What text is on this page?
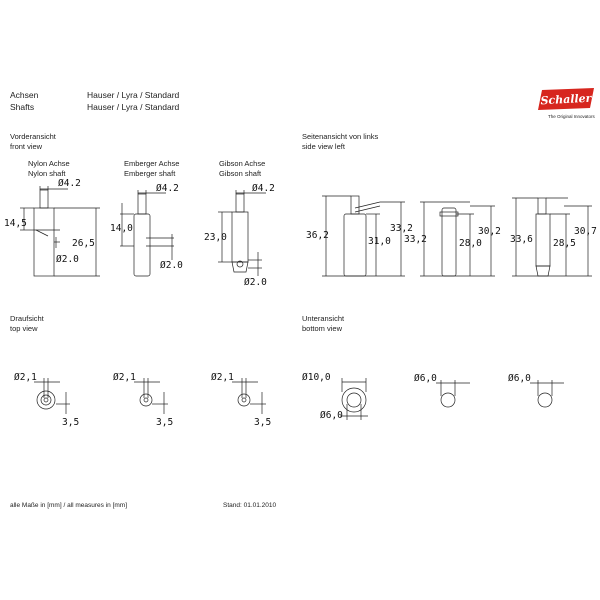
Achsen
Shafts
Hauser / Lyra / Standard
Hauser / Lyra / Standard	Schaller
The Original Innovators
Vorderansicht
front view
Seitenansicht von links
side view left
Draufsicht
top view
Unteransicht
bottom view
Nylon Achse
Nylon shaft
Emberger Achse
Emberger shaft
Gibson Achse
Gibson shaft
Ø4.2
14,5
26,5
Ø2.0
Ø4.2
14,0
Ø2.0
Ø4.2
23,0
Ø2.0
36,2
31,0
33,2
33,2	28,0
30,2
33,6 28,5
30,7
Ø2,1
3,5
Ø2,1
3,5
Ø2,1
3,5
Ø10,0
Ø6,0
Ø6,0	Ø6,0
alle Maße in [mm] / all measures in [mm]	Stand: 01.01.2010
